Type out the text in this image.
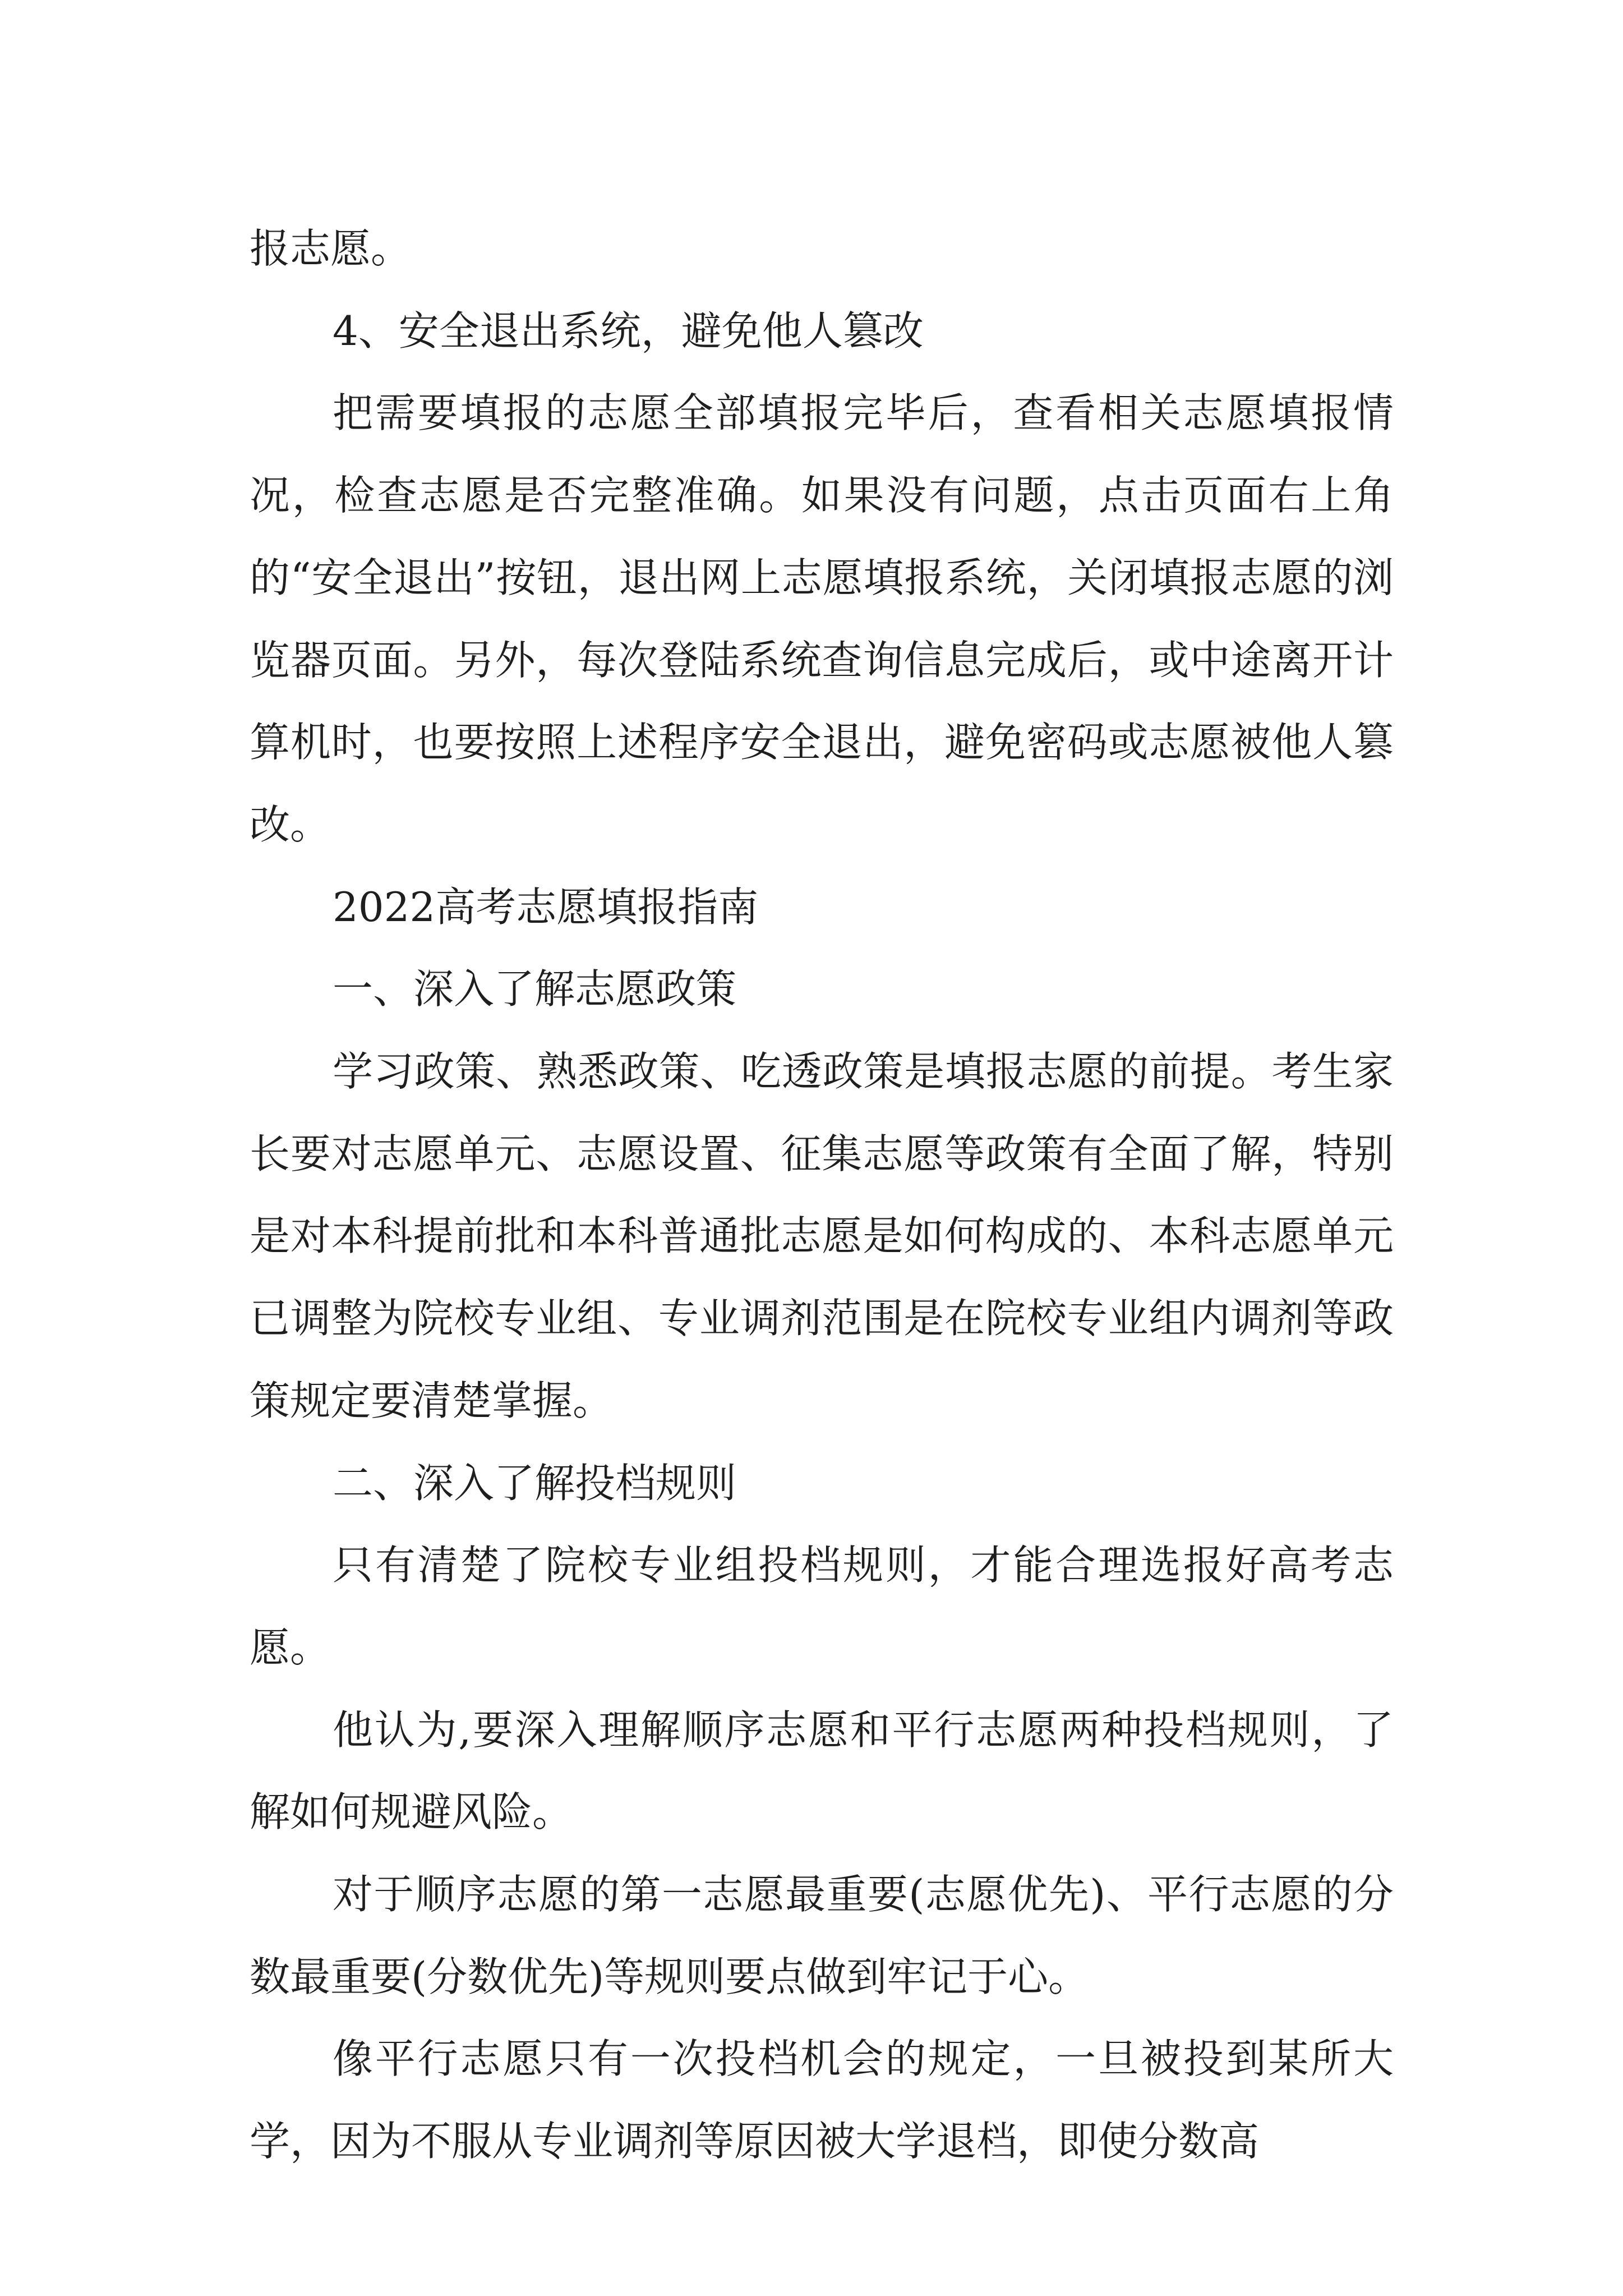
报志愿。

4、安全退出系统，避免他人篡改

把需要填报的志愿全部填报完毕后，查看相关志愿填报情况，检查志愿是否完整准确。如果没有问题，点击页面右上角的“安全退出”按钮，退出网上志愿填报系统，关闭填报志愿的浏览器页面。另外，每次登陆系统查询信息完成后，或中途离开计算机时，也要按照上述程序安全退出，避免密码或志愿被他人篡改。

2022高考志愿填报指南

一、深入了解志愿政策

学习政策、熟悉政策、吃透政策是填报志愿的前提。考生家长要对志愿单元、志愿设置、征集志愿等政策有全面了解，特别是对本科提前批和本科普通批志愿是如何构成的、本科志愿单元已调整为院校专业组、专业调剂范围是在院校专业组内调剂等政策规定要清楚掌握。

二、深入了解投档规则

只有清楚了院校专业组投档规则，才能合理选报好高考志愿。

他认为,要深入理解顺序志愿和平行志愿两种投档规则，了解如何规避风险。

对于顺序志愿的第一志愿最重要(志愿优先)、平行志愿的分数最重要(分数优先)等规则要点做到牢记于心。

像平行志愿只有一次投档机会的规定，一旦被投到某所大学，因为不服从专业调剂等原因被大学退档，即使分数高
